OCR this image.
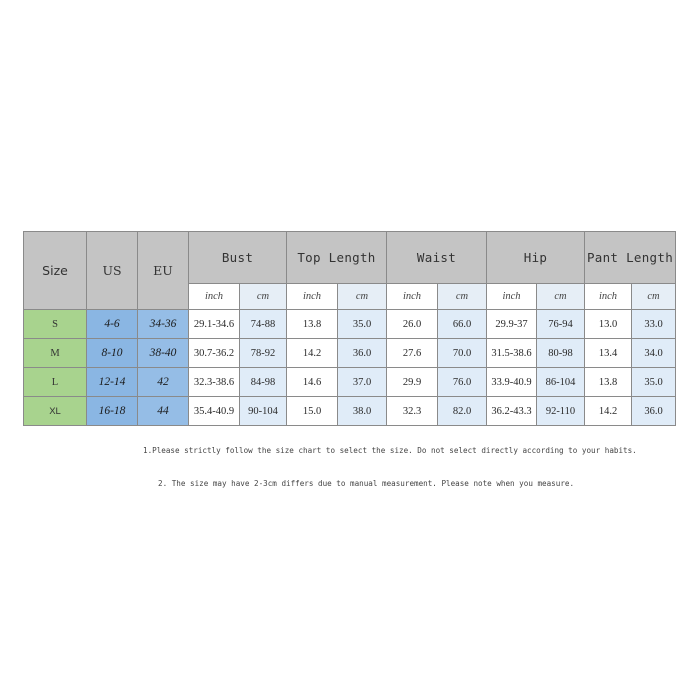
Size	US	EU	Bust		Top Length		Waist		Hip		Pant Length	
			inch	cm	inch	cm	inch	cm	inch	cm	inch	cm
S	4-6	34-36	29.1-34.6	74-88	13.8	35.0	26.0	66.0	29.9-37	76-94	13.0	33.0
M	8-10	38-40	30.7-36.2	78-92	14.2	36.0	27.6	70.0	31.5-38.6	80-98	13.4	34.0
L	12-14	42	32.3-38.6	84-98	14.6	37.0	29.9	76.0	33.9-40.9	86-104	13.8	35.0
XL	16-18	44	35.4-40.9	90-104	15.0	38.0	32.3	82.0	36.2-43.3	92-110	14.2	36.0

1.Please strictly follow the size chart to select the size. Do not select directly according to your habits.

2. The size may have 2-3cm differs due to manual measurement. Please note when you measure.
